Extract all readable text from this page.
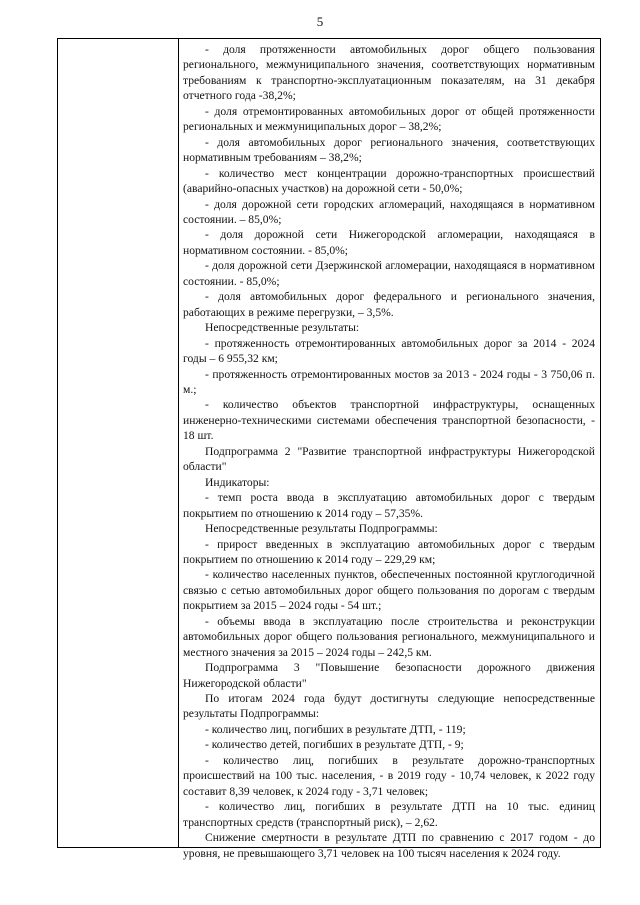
5

- доля протяженности автомобильных дорог общего пользования регионального, межмуниципального значения, соответствующих нормативным требованиям к транспортно-эксплуатационным показателям, на 31 декабря отчетного года -38,2%;

- доля отремонтированных автомобильных дорог от общей протяженности региональных и межмуниципальных дорог – 38,2%;

- доля автомобильных дорог регионального значения, соответствующих нормативным требованиям – 38,2%;

- количество мест концентрации дорожно-транспортных происшествий (аварийно-опасных участков) на дорожной сети - 50,0%;

- доля дорожной сети городских агломераций, находящаяся в нормативном состоянии. – 85,0%;

- доля дорожной сети Нижегородской агломерации, находящаяся в нормативном состоянии. - 85,0%;

- доля дорожной сети Дзержинской агломерации, находящаяся в нормативном состоянии. - 85,0%;

- доля автомобильных дорог федерального и регионального значения, работающих в режиме перегрузки, – 3,5%.

Непосредственные результаты:

- протяженность отремонтированных автомобильных дорог за 2014 - 2024 годы – 6 955,32 км;

- протяженность отремонтированных мостов за 2013 - 2024 годы - 3 750,06 п. м.;

- количество объектов транспортной инфраструктуры, оснащенных инженерно-техническими системами обеспечения транспортной безопасности, - 18 шт.

Подпрограмма 2 "Развитие транспортной инфраструктуры Нижегородской области"

Индикаторы:

- темп роста ввода в эксплуатацию автомобильных дорог с твердым покрытием по отношению к 2014 году – 57,35%.

Непосредственные результаты Подпрограммы:

- прирост введенных в эксплуатацию автомобильных дорог с твердым покрытием по отношению к 2014 году – 229,29 км;

- количество населенных пунктов, обеспеченных постоянной круглогодичной связью с сетью автомобильных дорог общего пользования по дорогам с твердым покрытием за 2015 – 2024 годы - 54 шт.;

- объемы ввода в эксплуатацию после строительства и реконструкции автомобильных дорог общего пользования регионального, межмуниципального и местного значения за 2015 – 2024 годы – 242,5 км.

Подпрограмма 3 "Повышение безопасности дорожного движения Нижегородской области"

По итогам 2024 года будут достигнуты следующие непосредственные результаты Подпрограммы:

- количество лиц, погибших в результате ДТП, - 119;

- количество детей, погибших в результате ДТП, - 9;

- количество лиц, погибших в результате дорожно-транспортных происшествий на 100 тыс. населения, - в 2019 году - 10,74 человек, к 2022 году составит 8,39 человек, к 2024 году - 3,71 человек;

- количество лиц, погибших в результате ДТП на 10 тыс. единиц транспортных средств (транспортный риск), – 2,62.

Снижение смертности в результате ДТП по сравнению с 2017 годом - до уровня, не превышающего 3,71 человек на 100 тысяч населения к 2024 году.
